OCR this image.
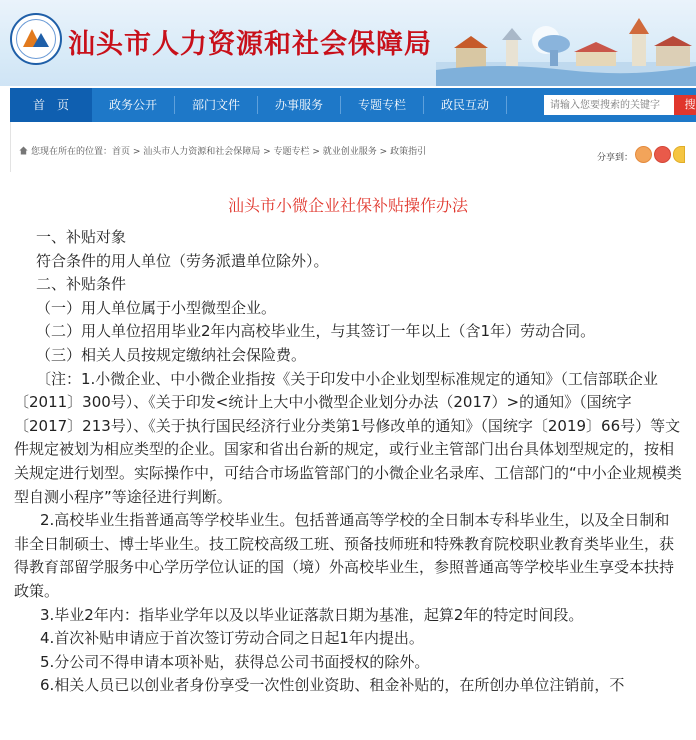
汕头市人力资源和社会保障局
首　页	政务公开	部门文件	办事服务	专题专栏	政民互动
请输入您要搜索的关键字	搜
您现在所在的位置：首页 > 汕头市人力资源和社会保障局 > 专题专栏 > 就业创业服务 > 政策指引
分享到：
汕头市小微企业社保补贴操作办法

一、补贴对象

符合条件的用人单位（劳务派遣单位除外）。

二、补贴条件

（一）用人单位属于小型微型企业。

（二）用人单位招用毕业2年内高校毕业生，与其签订一年以上（含1年）劳动合同。

（三）相关人员按规定缴纳社会保险费。

〔注：1.小微企业、中小微企业指按《关于印发中小企业划型标准规定的通知》（工信部联企业〔2011〕300号）、《关于印发<统计上大中小微型企业划分办法（2017）>的通知》（国统字〔2017〕213号）、《关于执行国民经济行业分类第1号修改单的通知》（国统字〔2019〕66号）等文件规定被划为相应类型的企业。国家和省出台新的规定，或行业主管部门出台具体划型规定的，按相关规定进行划型。实际操作中，可结合市场监管部门的小微企业名录库、工信部门的“中小企业规模类型自测小程序”等途径进行判断。

2.高校毕业生指普通高等学校毕业生。包括普通高等学校的全日制本专科毕业生，以及全日制和非全日制硕士、博士毕业生。技工院校高级工班、预备技师班和特殊教育院校职业教育类毕业生，获得教育部留学服务中心学历学位认证的国（境）外高校毕业生，参照普通高等学校毕业生享受本扶持政策。

3.毕业2年内：指毕业学年以及以毕业证落款日期为基准，起算2年的特定时间段。

4.首次补贴申请应于首次签订劳动合同之日起1年内提出。

5.分公司不得申请本项补贴，获得总公司书面授权的除外。

6.相关人员已以创业者身份享受一次性创业资助、租金补贴的，在所创办单位注销前，不
